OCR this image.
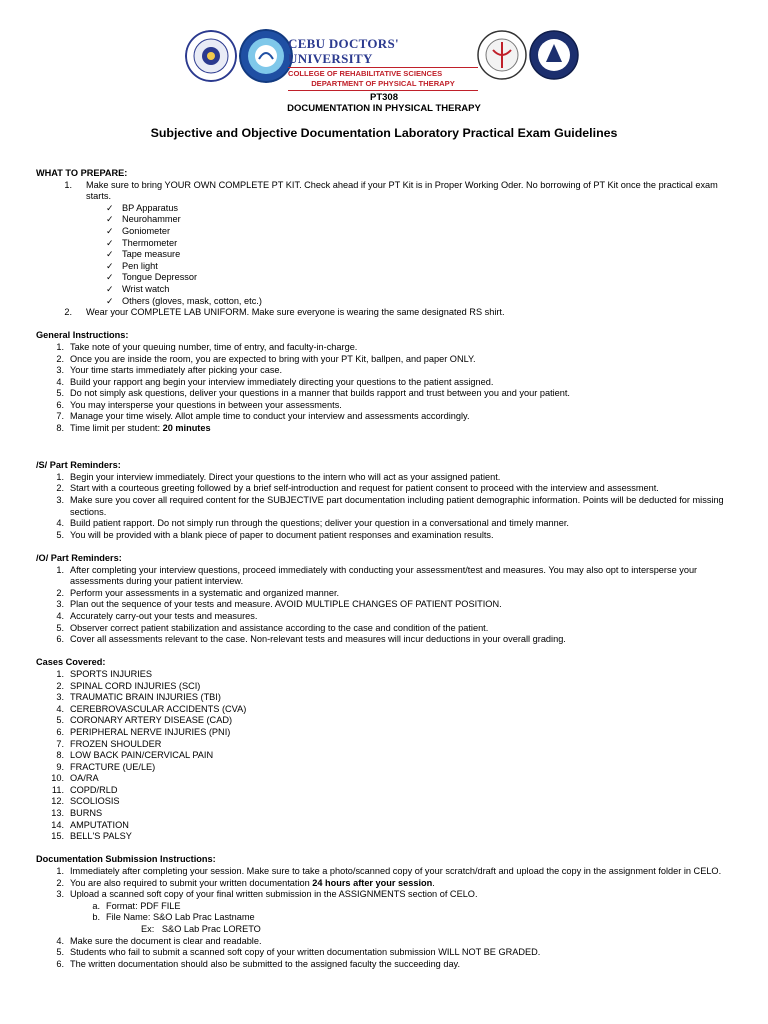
CEBU DOCTORS' UNIVERSITY
COLLEGE OF REHABILITATIVE SCIENCES
DEPARTMENT OF PHYSICAL THERAPY
PT308
DOCUMENTATION IN PHYSICAL THERAPY
Subjective and Objective Documentation Laboratory Practical Exam Guidelines
WHAT TO PREPARE:
1. Make sure to bring YOUR OWN COMPLETE PT KIT. Check ahead if your PT Kit is in Proper Working Oder. No borrowing of PT Kit once the practical exam starts.
✓ BP Apparatus
✓ Neurohammer
✓ Goniometer
✓ Thermometer
✓ Tape measure
✓ Pen light
✓ Tongue Depressor
✓ Wrist watch
✓ Others (gloves, mask, cotton, etc.)
2. Wear your COMPLETE LAB UNIFORM. Make sure everyone is wearing the same designated RS shirt.
General Instructions:
1. Take note of your queuing number, time of entry, and faculty-in-charge.
2. Once you are inside the room, you are expected to bring with your PT Kit, ballpen, and paper ONLY.
3. Your time starts immediately after picking your case.
4. Build your rapport ang begin your interview immediately directing your questions to the patient assigned.
5. Do not simply ask questions, deliver your questions in a manner that builds rapport and trust between you and your patient.
6. You may intersperse your questions in between your assessments.
7. Manage your time wisely. Allot ample time to conduct your interview and assessments accordingly.
8. Time limit per student: 20 minutes
/S/ Part Reminders:
1. Begin your interview immediately. Direct your questions to the intern who will act as your assigned patient.
2. Start with a courteous greeting followed by a brief self-introduction and request for patient consent to proceed with the interview and assessment.
3. Make sure you cover all required content for the SUBJECTIVE part documentation including patient demographic information. Points will be deducted for missing sections.
4. Build patient rapport. Do not simply run through the questions; deliver your question in a conversational and timely manner.
5. You will be provided with a blank piece of paper to document patient responses and examination results.
/O/ Part Reminders:
1. After completing your interview questions, proceed immediately with conducting your assessment/test and measures. You may also opt to intersperse your assessments during your patient interview.
2. Perform your assessments in a systematic and organized manner.
3. Plan out the sequence of your tests and measure. AVOID MULTIPLE CHANGES OF PATIENT POSITION.
4. Accurately carry-out your tests and measures.
5. Observer correct patient stabilization and assistance according to the case and condition of the patient.
6. Cover all assessments relevant to the case. Non-relevant tests and measures will incur deductions in your overall grading.
Cases Covered:
1. SPORTS INJURIES
2. SPINAL CORD INJURIES (SCI)
3. TRAUMATIC BRAIN INJURIES (TBI)
4. CEREBROVASCULAR ACCIDENTS (CVA)
5. CORONARY ARTERY DISEASE (CAD)
6. PERIPHERAL NERVE INJURIES (PNI)
7. FROZEN SHOULDER
8. LOW BACK PAIN/CERVICAL PAIN
9. FRACTURE (UE/LE)
10. OA/RA
11. COPD/RLD
12. SCOLIOSIS
13. BURNS
14. AMPUTATION
15. BELL'S PALSY
Documentation Submission Instructions:
1. Immediately after completing your session. Make sure to take a photo/scanned copy of your scratch/draft and upload the copy in the assignment folder in CELO.
2. You are also required to submit your written documentation 24 hours after your session.
3. Upload a scanned soft copy of your final written submission in the ASSIGNMENTS section of CELO.
a. Format: PDF FILE
b. File Name: S&O Lab Prac Lastname
Ex:   S&O Lab Prac LORETO
4. Make sure the document is clear and readable.
5. Students who fail to submit a scanned soft copy of your written documentation submission WILL NOT BE GRADED.
6. The written documentation should also be submitted to the assigned faculty the succeeding day.
